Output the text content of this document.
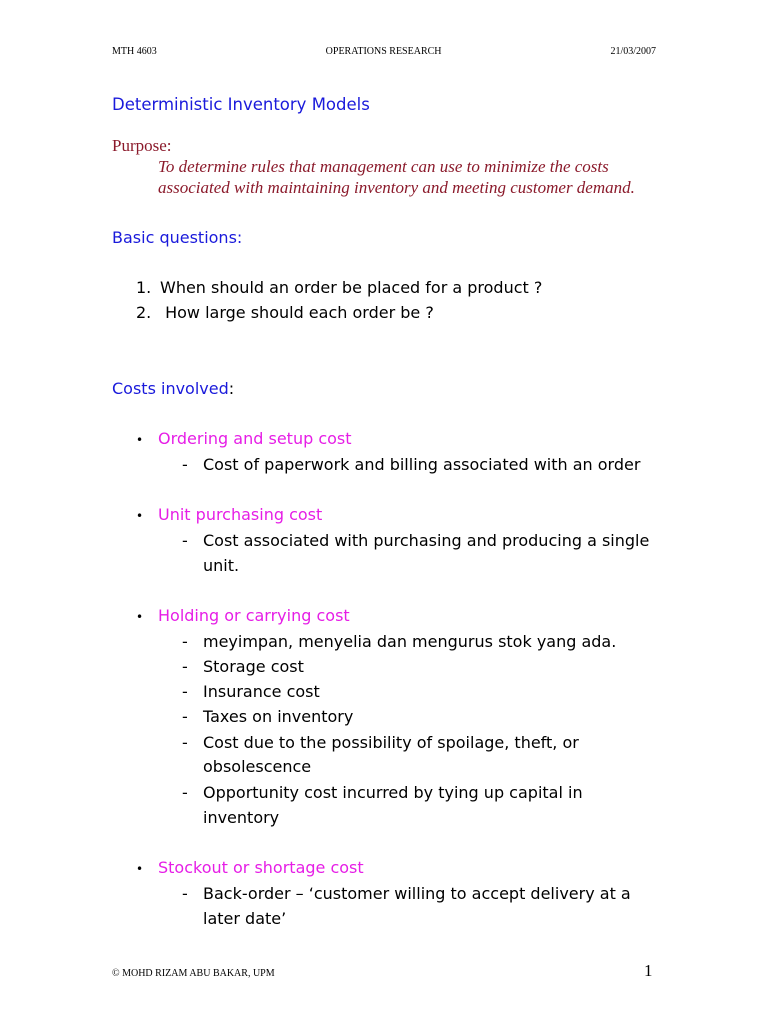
MTH 4603	OPERATIONS RESEARCH	21/03/2007
Deterministic Inventory Models
Purpose:
To determine rules that management can use to minimize the costs
associated with maintaining inventory and meeting customer demand.
Basic questions:
1. When should an order be placed for a product ?
2. How large should each order be ?
Costs involved:
• Ordering and setup cost
- Cost of paperwork and billing associated with an order
• Unit purchasing cost
- Cost associated with purchasing and producing a single
unit.
• Holding or carrying cost
- meyimpan, menyelia dan mengurus stok yang ada.
- Storage cost
- Insurance cost
- Taxes on inventory
- Cost due to the possibility of spoilage, theft, or
obsolescence
- Opportunity cost incurred by tying up capital in
inventory
• Stockout or shortage cost
- Back-order – ‘customer willing to accept delivery at a
later date’
© MOHD RIZAM ABU BAKAR, UPM	1
